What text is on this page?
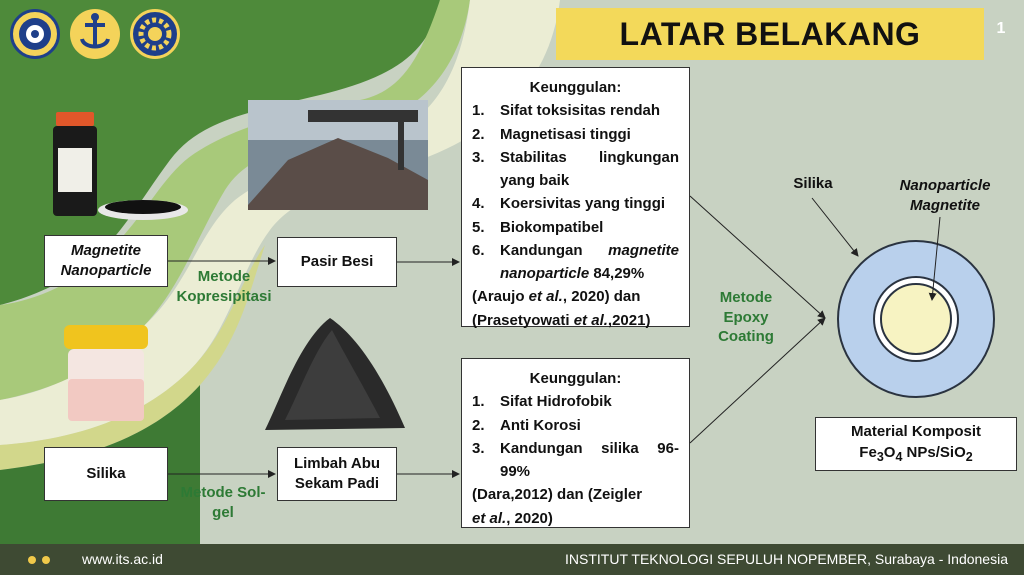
LATAR BELAKANG	1
Magnetite Nanoparticle	Metode Kopresipitasi
Pasir Besi
Silika
Metode Sol-gel
Limbah Abu Sekam Padi
Keunggulan:
1.	Sifat toksisitas rendah
2.	Magnetisasi tinggi
3.	Stabilitas lingkungan yang baik
4.	Koersivitas yang tinggi
5.	Biokompatibel
6.	Kandungan magnetite nanoparticle 84,29%
(Araujo et al., 2020) dan
(Prasetyowati et al.,2021)
Keunggulan:
1.	Sifat Hidrofobik
2.	Anti Korosi
3.	Kandungan silika 96-99%
(Dara,2012) dan (Zeigler
et al., 2020)
Metode Epoxy Coating
Silika	Nanoparticle Magnetite
Material Komposit
$Fe_3O_4$ NPs/SiO$_2$
www.its.ac.id	INSTITUT TEKNOLOGI SEPULUH NOPEMBER, Surabaya - Indonesia
